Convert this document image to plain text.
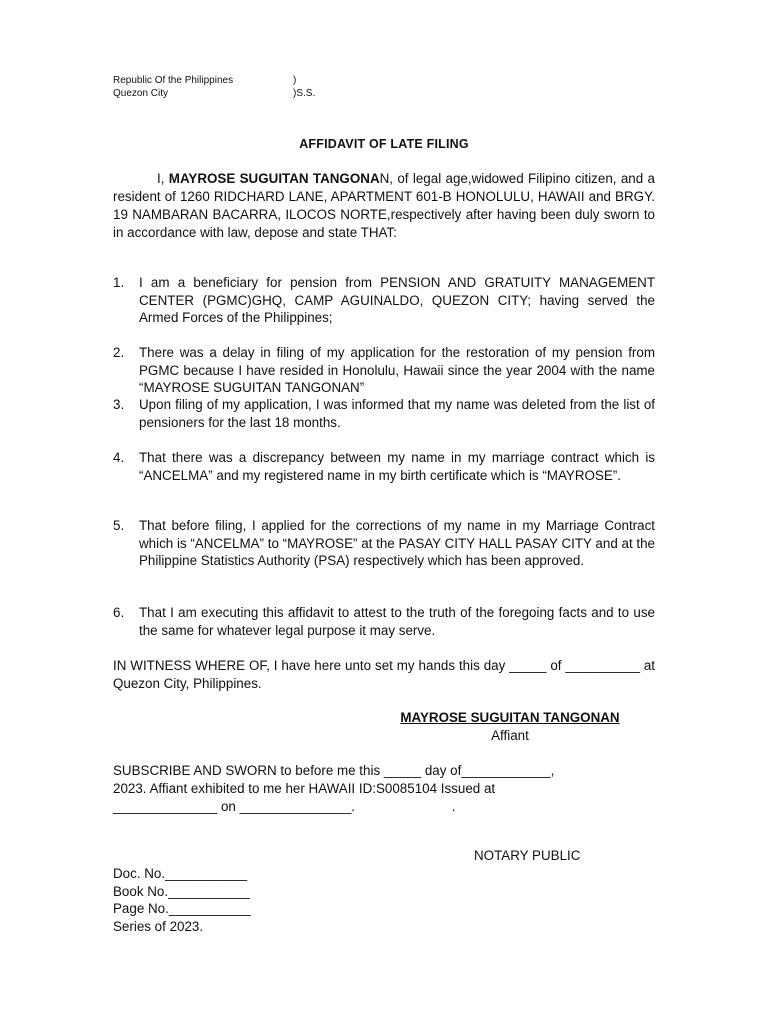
Republic Of the Philippines	)
Quezon City	)S.S.
AFFIDAVIT OF LATE FILING
I, MAYROSE SUGUITAN TANGONAN, of legal age,widowed Filipino citizen, and a resident of 1260 RIDCHARD LANE, APARTMENT 601-B HONOLULU, HAWAII and BRGY. 19 NAMBARAN BACARRA, ILOCOS NORTE,respectively after having been duly sworn to in accordance with law, depose and state THAT:
1.	I am a beneficiary for pension from PENSION AND GRATUITY MANAGEMENT CENTER (PGMC)GHQ, CAMP AGUINALDO, QUEZON CITY; having served the Armed Forces of the Philippines;
2.	There was a delay in filing of my application for the restoration of my pension from PGMC because I have resided in Honolulu, Hawaii since the year 2004 with the name “MAYROSE SUGUITAN TANGONAN”
3.	Upon filing of my application, I was informed that my name was deleted from the list of pensioners for the last 18 months.
4.	That there was a discrepancy between my name in my marriage contract which is “ANCELMA” and my registered name in my birth certificate which is “MAYROSE”.
5.	That before filing, I applied for the corrections of my name in my Marriage Contract which is “ANCELMA” to “MAYROSE” at the PASAY CITY HALL PASAY CITY and at the Philippine Statistics Authority (PSA) respectively which has been approved.
6.	That I am executing this affidavit to attest to the truth of the foregoing facts and to use the same for whatever legal purpose it may serve.
IN WITNESS WHERE OF, I have here unto set my hands this day _____ of __________ at Quezon City, Philippines.
MAYROSE SUGUITAN TANGONAN
Affiant
SUBSCRIBE AND SWORN to before me this _____ day of____________,
2023. Affiant exhibited to me her HAWAII ID:S0085104 Issued at
______________ on _______________.                          .
NOTARY PUBLIC
Doc. No.___________
Book No.___________
Page No.___________
Series of 2023.
